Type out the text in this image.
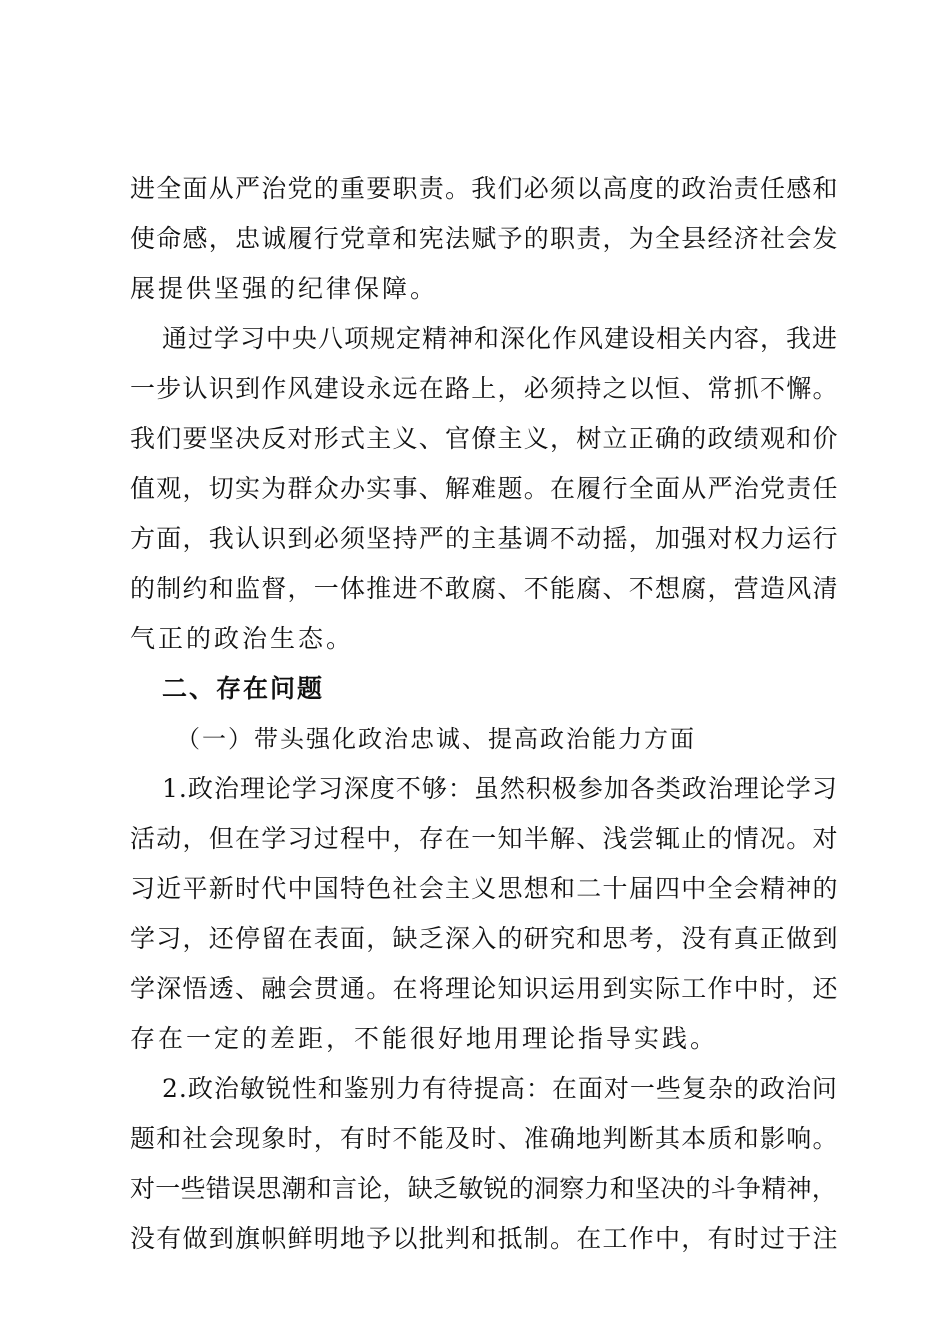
进全面从严治党的重要职责。我们必须以高度的政治责任感和
使命感，忠诚履行党章和宪法赋予的职责，为全县经济社会发
展提供坚强的纪律保障。
通过学习中央八项规定精神和深化作风建设相关内容，我进
一步认识到作风建设永远在路上，必须持之以恒、常抓不懈。
我们要坚决反对形式主义、官僚主义，树立正确的政绩观和价
值观，切实为群众办实事、解难题。在履行全面从严治党责任
方面，我认识到必须坚持严的主基调不动摇，加强对权力运行
的制约和监督，一体推进不敢腐、不能腐、不想腐，营造风清
气正的政治生态。
二、存在问题
（一）带头强化政治忠诚、提高政治能力方面
1.政治理论学习深度不够：虽然积极参加各类政治理论学习
活动，但在学习过程中，存在一知半解、浅尝辄止的情况。对
习近平新时代中国特色社会主义思想和二十届四中全会精神的
学习，还停留在表面，缺乏深入的研究和思考，没有真正做到
学深悟透、融会贯通。在将理论知识运用到实际工作中时，还
存在一定的差距，不能很好地用理论指导实践。
2.政治敏锐性和鉴别力有待提高：在面对一些复杂的政治问
题和社会现象时，有时不能及时、准确地判断其本质和影响。
对一些错误思潮和言论，缺乏敏锐的洞察力和坚决的斗争精神，
没有做到旗帜鲜明地予以批判和抵制。在工作中，有时过于注
